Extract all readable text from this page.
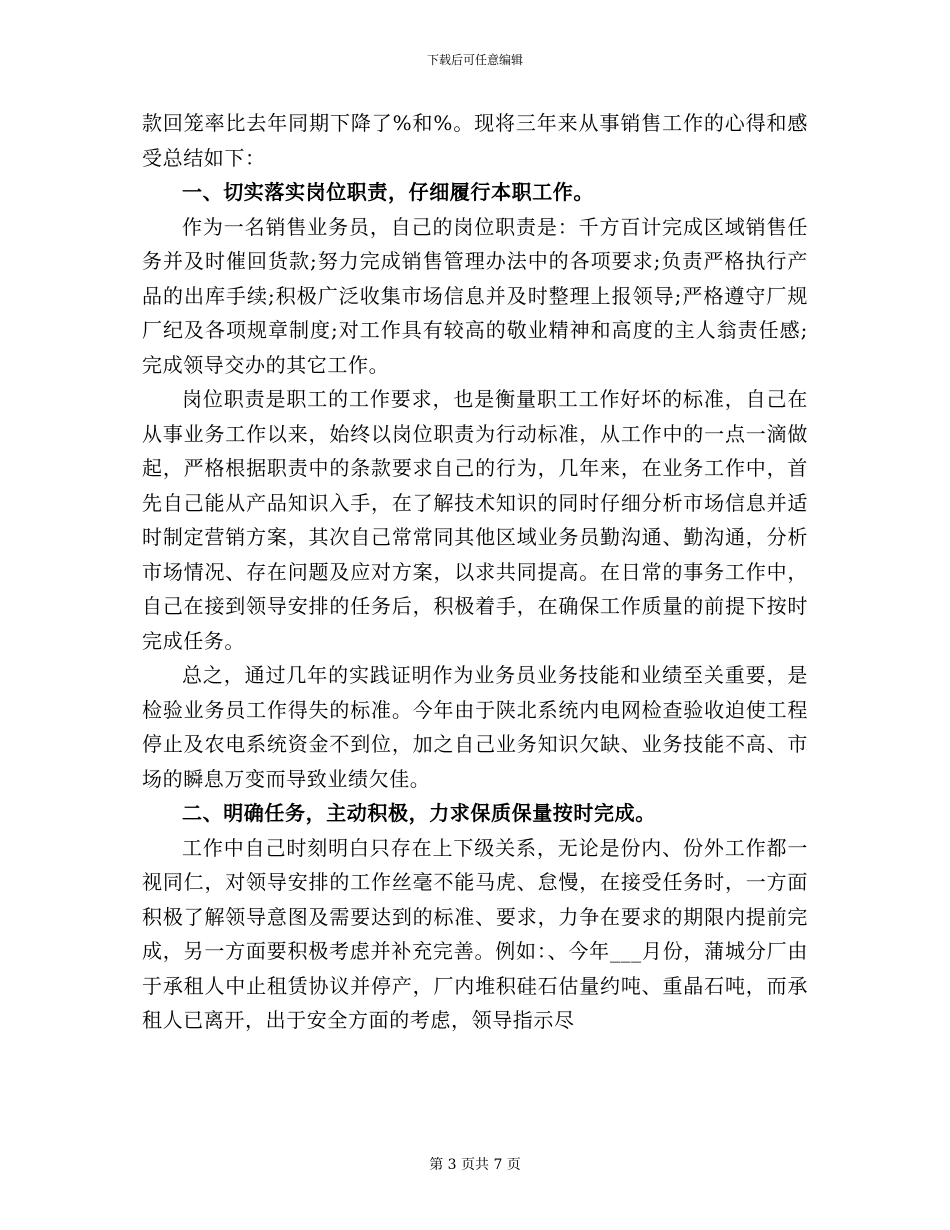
下载后可任意编辑

款回笼率比去年同期下降了%和%。现将三年来从事销售工作的心得和感受总结如下：

一、切实落实岗位职责，仔细履行本职工作。

作为一名销售业务员，自己的岗位职责是：千方百计完成区域销售任务并及时催回货款;努力完成销售管理办法中的各项要求;负责严格执行产品的出库手续;积极广泛收集市场信息并及时整理上报领导;严格遵守厂规厂纪及各项规章制度;对工作具有较高的敬业精神和高度的主人翁责任感;完成领导交办的其它工作。

岗位职责是职工的工作要求，也是衡量职工工作好坏的标准，自己在从事业务工作以来，始终以岗位职责为行动标准，从工作中的一点一滴做起，严格根据职责中的条款要求自己的行为，几年来，在业务工作中，首先自己能从产品知识入手，在了解技术知识的同时仔细分析市场信息并适时制定营销方案，其次自己常常同其他区域业务员勤沟通、勤沟通，分析市场情况、存在问题及应对方案，以求共同提高。在日常的事务工作中，自己在接到领导安排的任务后，积极着手，在确保工作质量的前提下按时完成任务。

总之，通过几年的实践证明作为业务员业务技能和业绩至关重要，是检验业务员工作得失的标准。今年由于陕北系统内电网检查验收迫使工程停止及农电系统资金不到位，加之自己业务知识欠缺、业务技能不高、市场的瞬息万变而导致业绩欠佳。

二、明确任务，主动积极，力求保质保量按时完成。

工作中自己时刻明白只存在上下级关系，无论是份内、份外工作都一视同仁，对领导安排的工作丝毫不能马虎、怠慢，在接受任务时，一方面积极了解领导意图及需要达到的标准、要求，力争在要求的期限内提前完成，另一方面要积极考虑并补充完善。例如：、今年___月份，蒲城分厂由于承租人中止租赁协议并停产，厂内堆积硅石估量约吨、重晶石吨，而承租人已离开，出于安全方面的考虑，领导指示尽

第 3 页共 7 页
